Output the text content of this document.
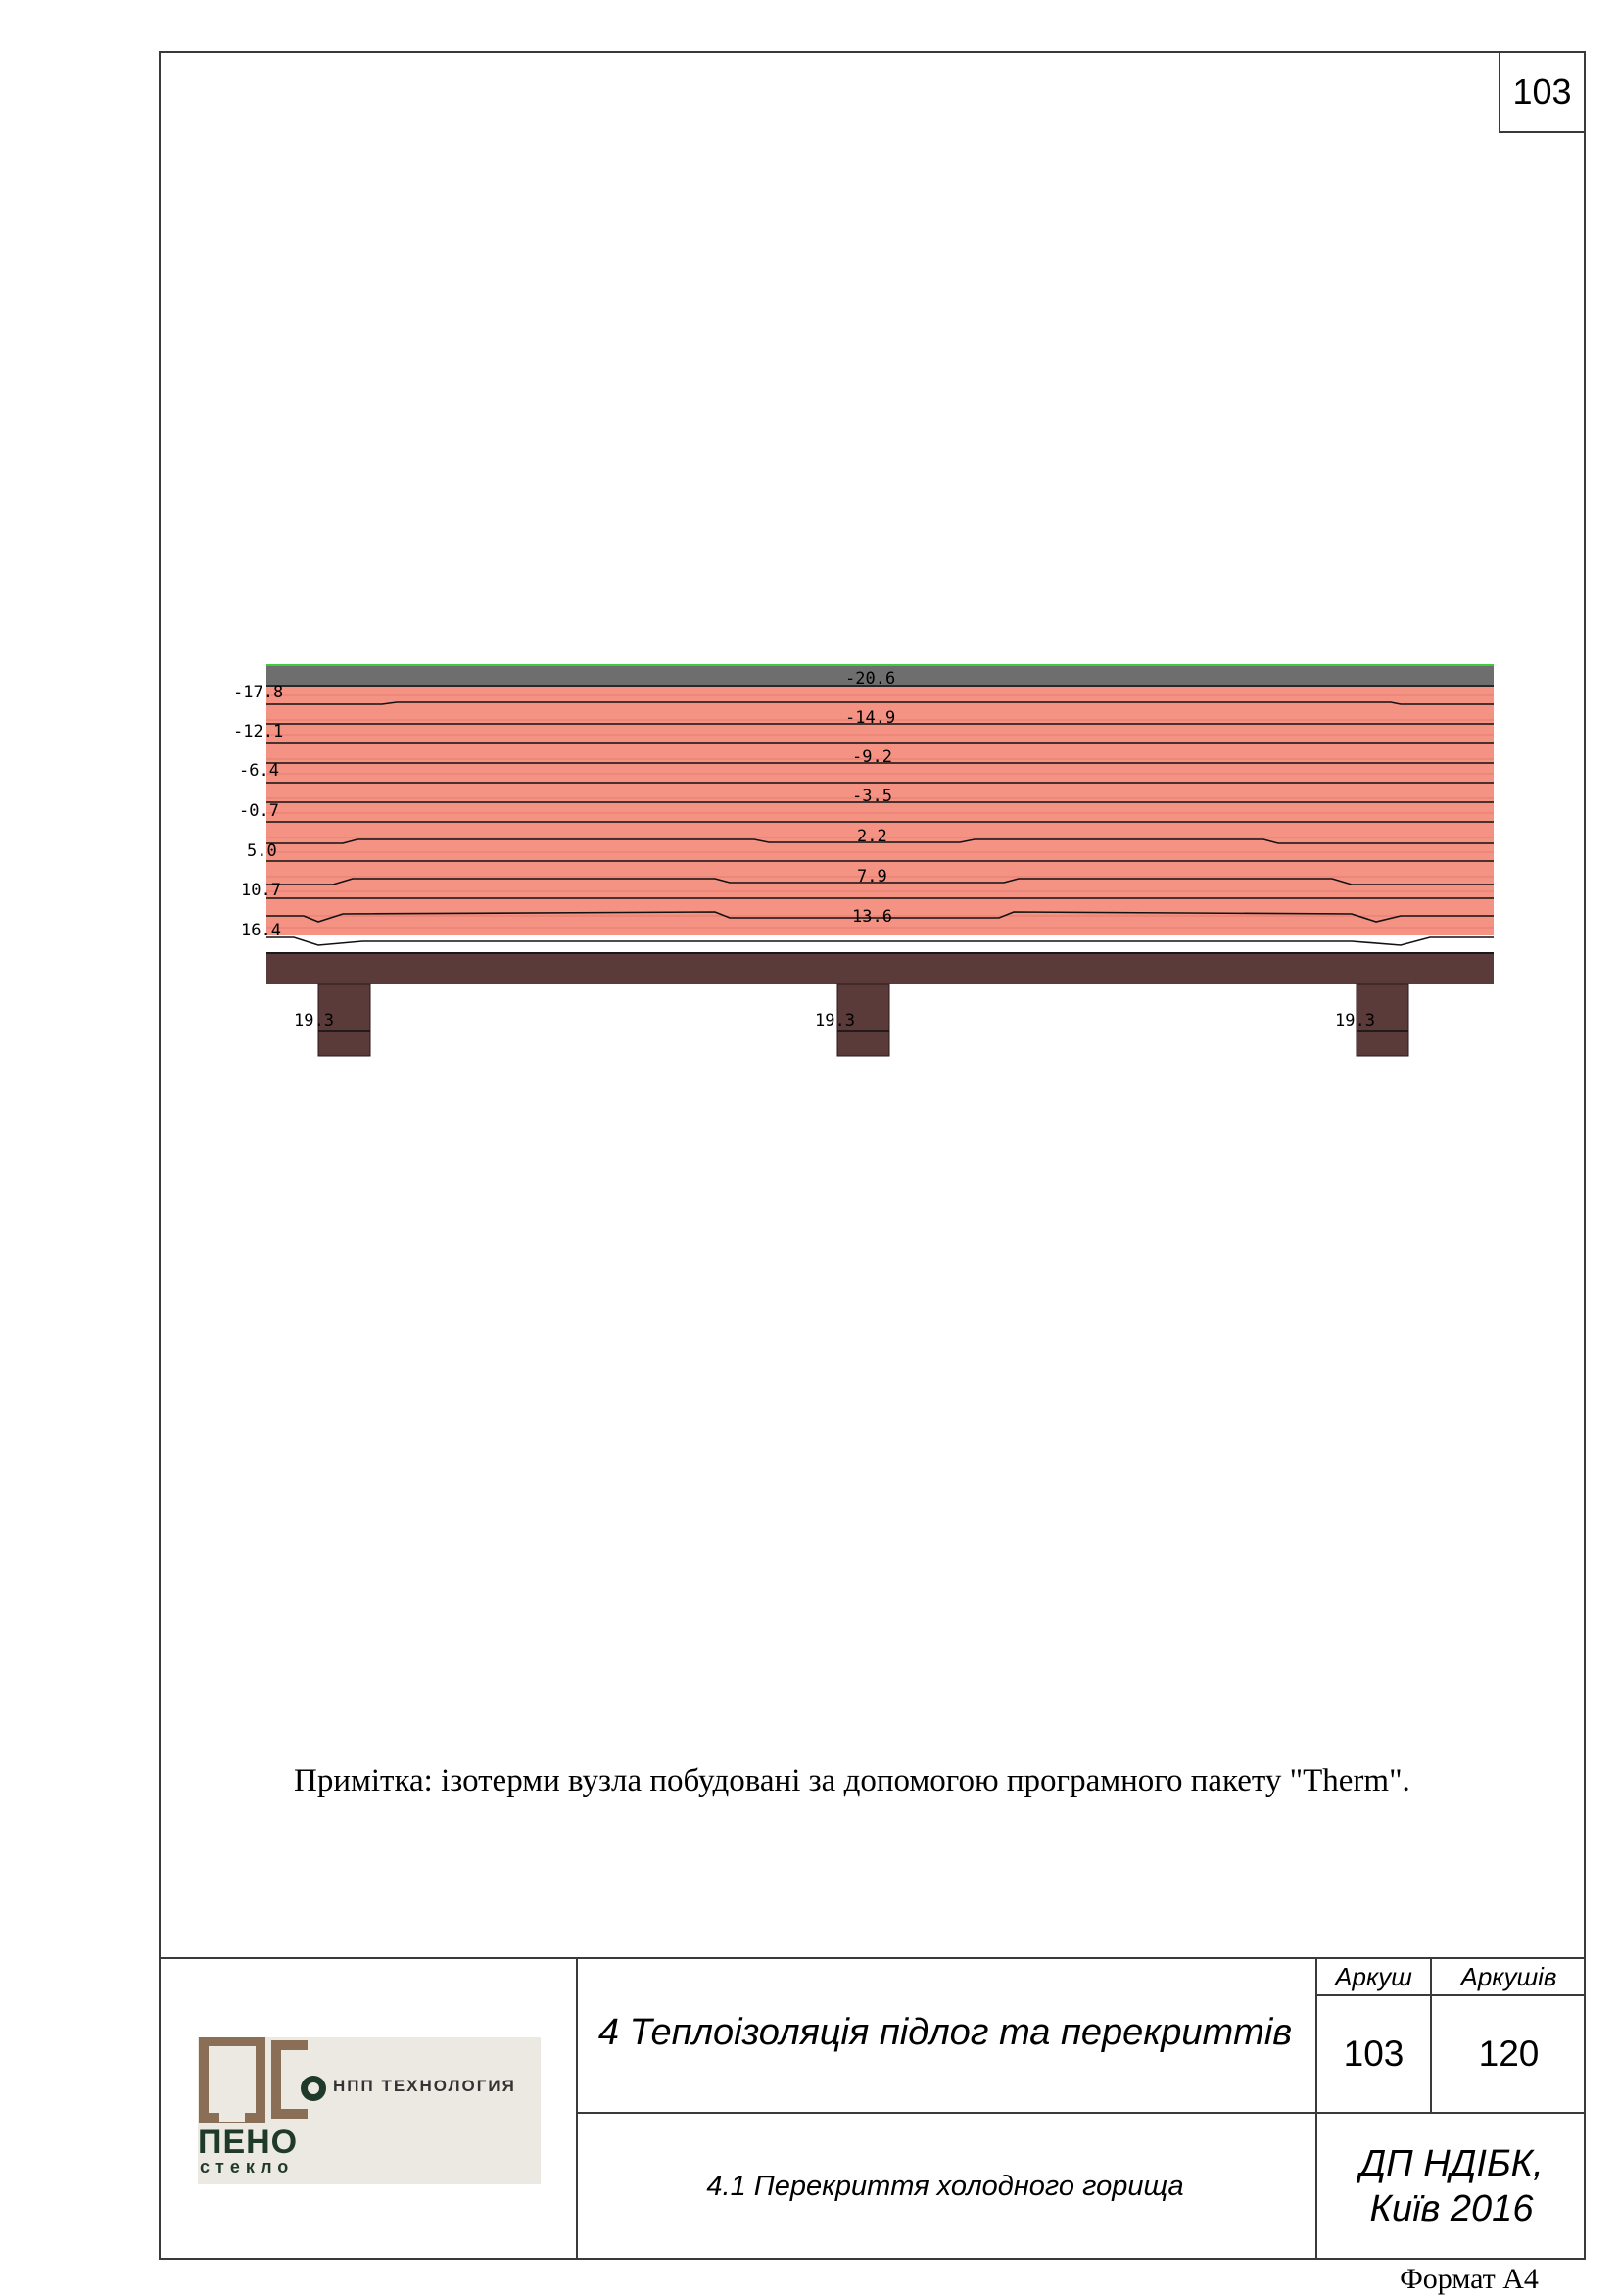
103
-17.8
-12.1
-6.4
-0.7
5.0
10.7
16.4
-20.6
-14.9
-9.2
-3.5
2.2
7.9
13.6
19.3	19.3	19.3
Примітка: ізотерми вузла побудовані за допомогою програмного пакету "Therm".
4 Теплоізоляція підлог та перекриттів
4.1 Перекриття холодного горища
Аркуш	Аркушів
103	120
ДП НДІБК,
Київ 2016
НПП ТЕХНОЛОГИЯ
ПЕНО
стекло
Формат А4
